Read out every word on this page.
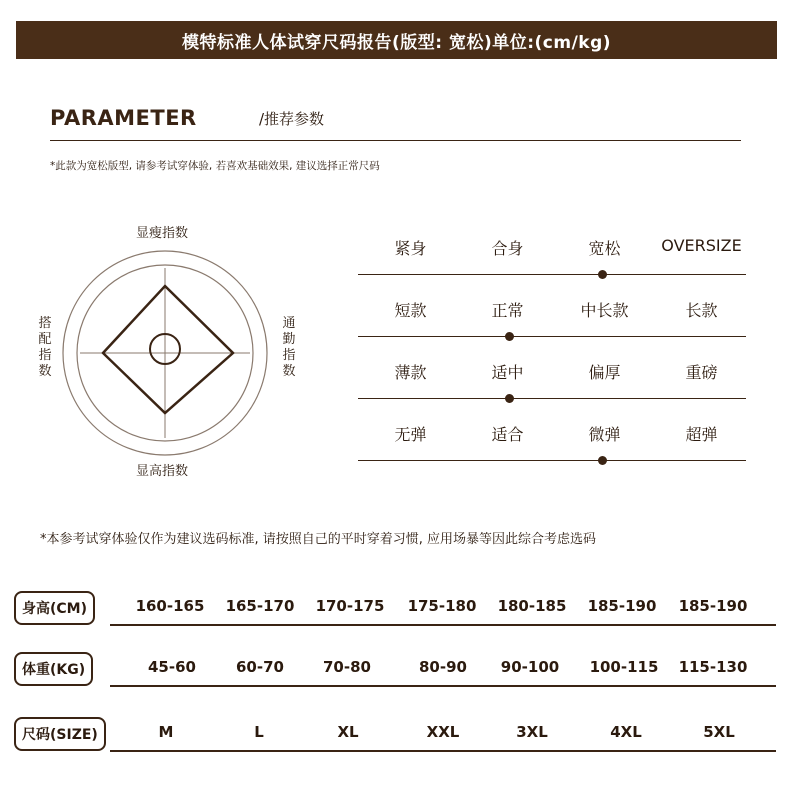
模特标准人体试穿尺码报告(版型: 宽松)单位:(cm/kg)
PARAMETER	/推荐参数
*此款为宽松版型, 请参考试穿体验, 若喜欢基础效果, 建议选择正常尺码
显瘦指数
显高指数
搭
配
指
数
通
勤
指
数
紧身	合身	宽松	OVERSIZE
短款	正常	中长款	长款
薄款	适中	偏厚	重磅
无弹	适合	微弹	超弹
*本参考试穿体验仅作为建议选码标准, 请按照自己的平时穿着习惯, 应用场暴等因此综合考虑选码
身高(CM)	160-165	165-170	170-175	175-180	180-185	185-190	185-190
体重(KG)	45-60	60-70	70-80	80-90	90-100	100-115	115-130
尺码(SIZE)	M	L	XL	XXL	3XL	4XL	5XL
